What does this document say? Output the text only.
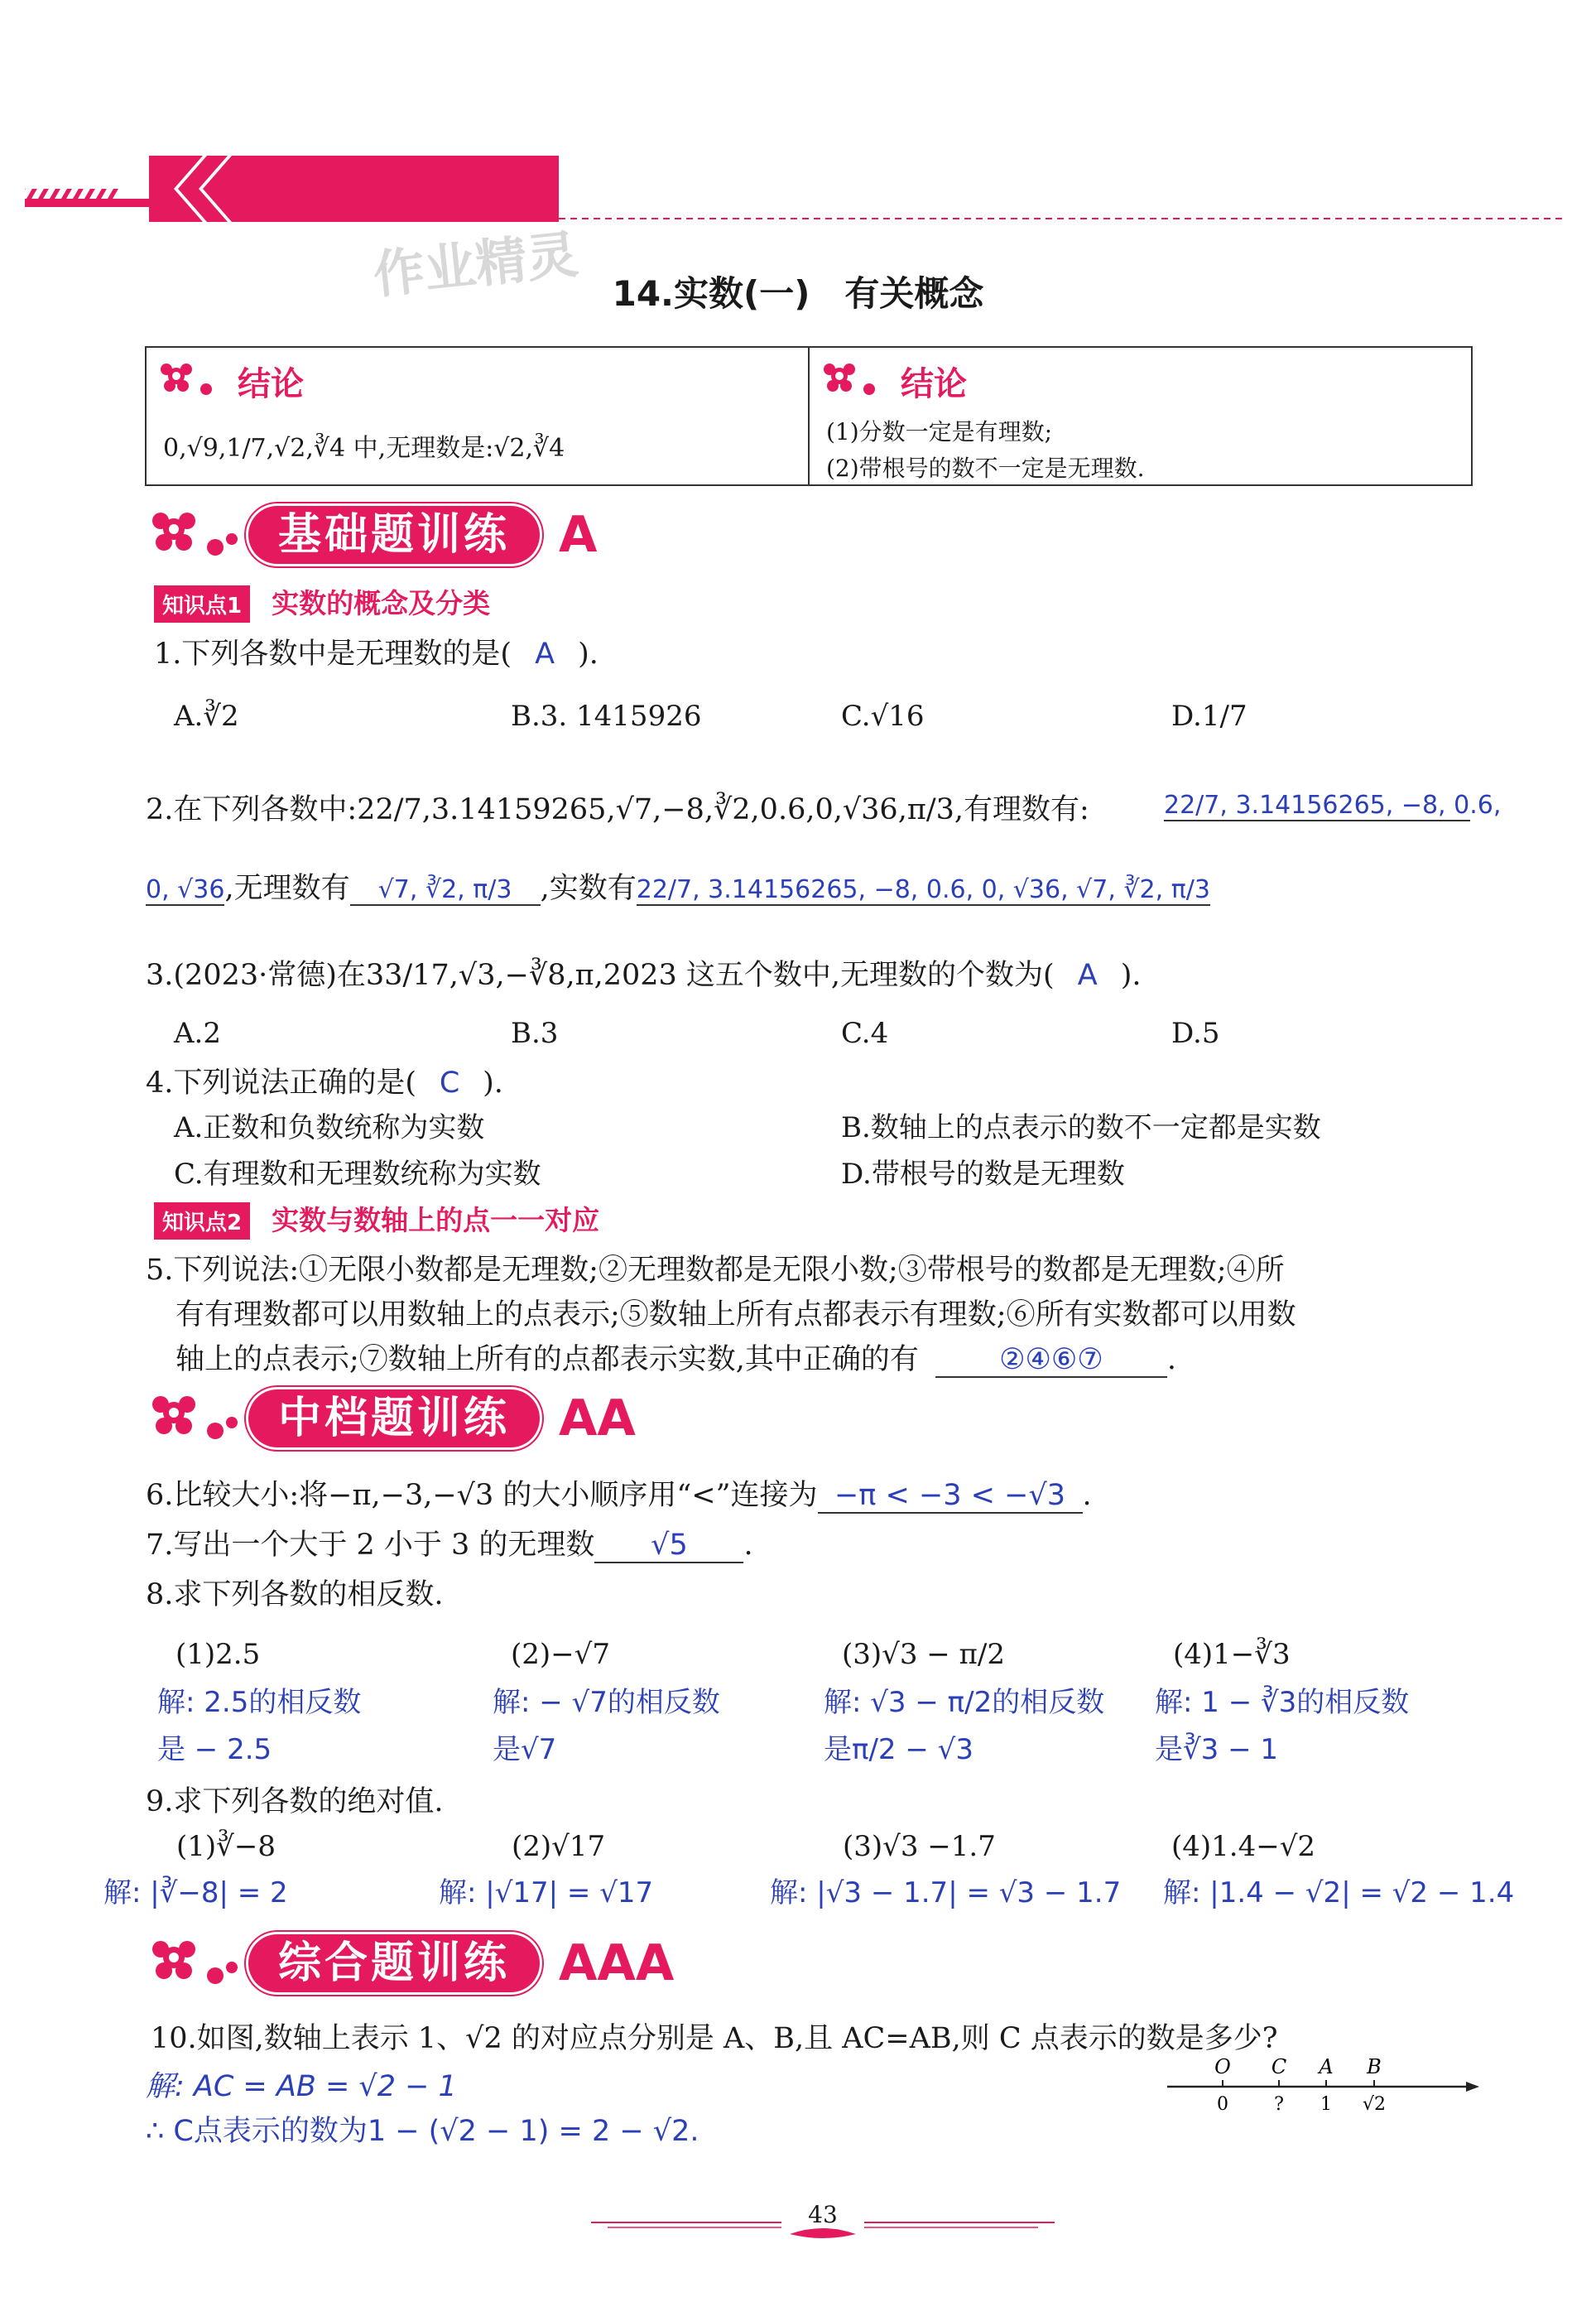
作业精灵 14.实数(一)　有关概念
结论
0,√9,1/7,√2,∛4 中,无理数是:√2,∛4
结论
(1)分数一定是有理数;
(2)带根号的数不一定是无理数.
基础题训练 A
知识点1 实数的概念及分类
1.下列各数中是无理数的是( A ).
A.∛2	B.3. 1415926	C.√16	D.1/7
2.在下列各数中:22/7,3.14159265,√7,−8,∛2,0.6,0,√36,π/3,有理数有:	22/7, 3.14156265, −8, 0.6,
0, √36,无理数有 √7, ∛2, π/3 ,实数有22/7, 3.14156265, −8, 0.6, 0, √36, √7, ∛2, π/3
3.(2023·常德)在33/17,√3,−∛8,π,2023 这五个数中,无理数的个数为( A ).
A.2	B.3	C.4	D.5
4.下列说法正确的是( C ).
A.正数和负数统称为实数	B.数轴上的点表示的数不一定都是实数
C.有理数和无理数统称为实数	D.带根号的数是无理数
知识点2 实数与数轴上的点一一对应
5.下列说法:①无限小数都是无理数;②无理数都是无限小数;③带根号的数都是无理数;④所
有有理数都可以用数轴上的点表示;⑤数轴上所有点都表示有理数;⑥所有实数都可以用数
轴上的点表示;⑦数轴上所有的点都表示实数,其中正确的有	②④⑥⑦ .
中档题训练 AA
6.比较大小:将−π,−3,−√3 的大小顺序用“<”连接为 −π < −3 < −√3 .
7.写出一个大于 2 小于 3 的无理数 √5 .
8.求下列各数的相反数.
(1)2.5
解: 2.5的相反数
是 − 2.5
(2)−√7
解: − √7的相反数
是√7
(3)√3 − π/2
解: √3 − π/2的相反数
是π/2 − √3
(4)1−∛3
解: 1 − ∛3的相反数
是∛3 − 1
9.求下列各数的绝对值.
(1)∛−8
解: |∛−8| = 2
(2)√17
解: |√17| = √17
(3)√3 −1.7
解: |√3 − 1.7| = √3 − 1.7
(4)1.4−√2
解: |1.4 − √2| = √2 − 1.4
综合题训练 AAA
10.如图,数轴上表示 1、√2 的对应点分别是 A、B,且 AC=AB,则 C 点表示的数是多少?
解: AC = AB = √2 − 1
∴ C点表示的数为1 − (√2 − 1) = 2 − √2.
O C A B
0	? 1 √2
43
